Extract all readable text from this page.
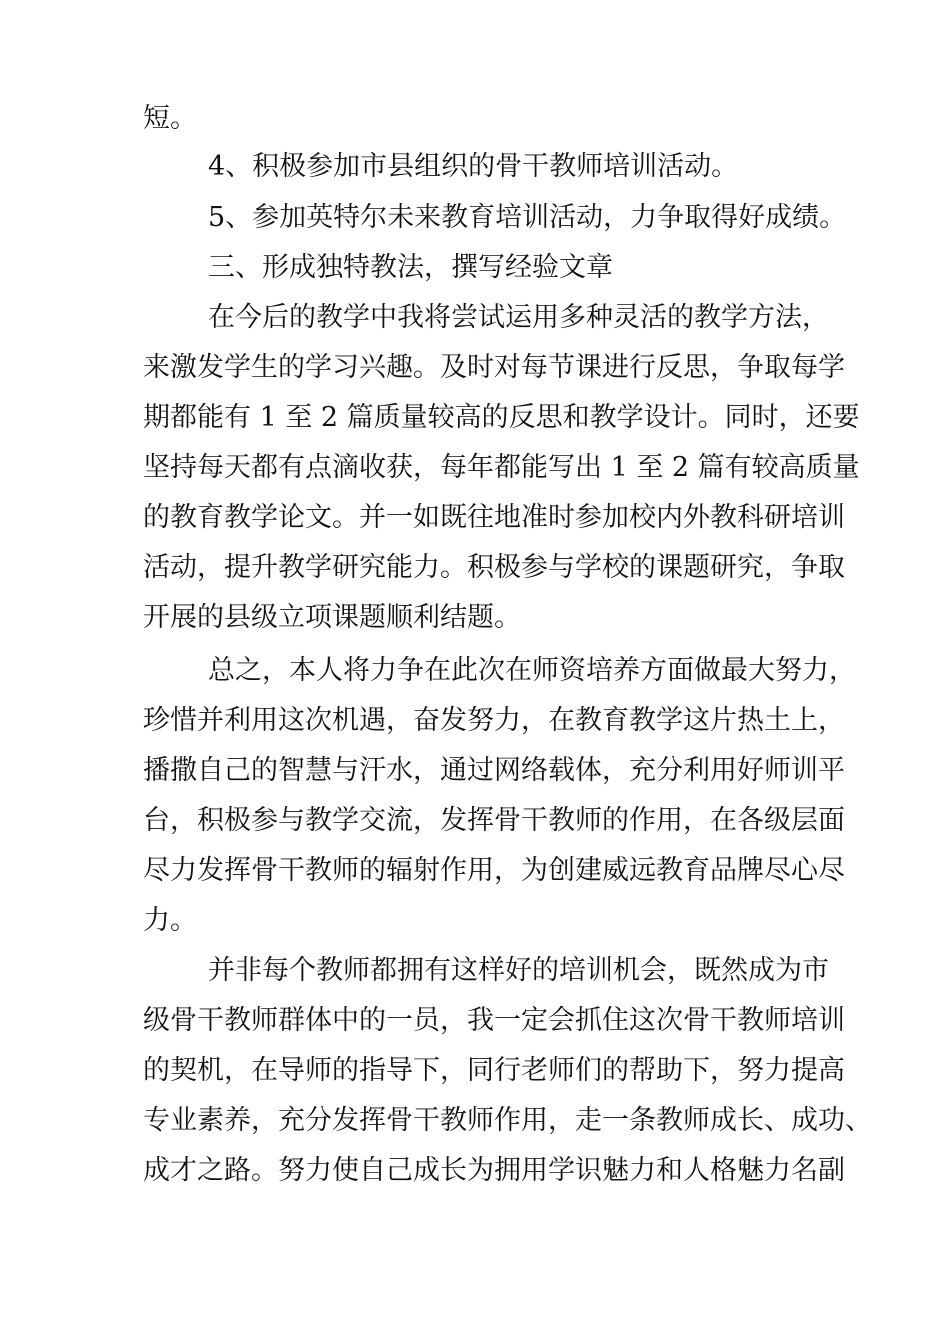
短。
4、积极参加市县组织的骨干教师培训活动。
5、参加英特尔未来教育培训活动，力争取得好成绩。
三、形成独特教法，撰写经验文章
在今后的教学中我将尝试运用多种灵活的教学方法，
来激发学生的学习兴趣。及时对每节课进行反思，争取每学
期都能有 1 至 2 篇质量较高的反思和教学设计。同时，还要
坚持每天都有点滴收获，每年都能写出 1 至 2 篇有较高质量
的教育教学论文。并一如既往地准时参加校内外教科研培训
活动，提升教学研究能力。积极参与学校的课题研究，争取
开展的县级立项课题顺利结题。
总之，本人将力争在此次在师资培养方面做最大努力，
珍惜并利用这次机遇，奋发努力，在教育教学这片热土上，
播撒自己的智慧与汗水，通过网络载体，充分利用好师训平
台，积极参与教学交流，发挥骨干教师的作用，在各级层面
尽力发挥骨干教师的辐射作用，为创建威远教育品牌尽心尽
力。
并非每个教师都拥有这样好的培训机会，既然成为市
级骨干教师群体中的一员，我一定会抓住这次骨干教师培训
的契机，在导师的指导下，同行老师们的帮助下，努力提高
专业素养，充分发挥骨干教师作用，走一条教师成长、成功、
成才之路。努力使自己成长为拥用学识魅力和人格魅力名副
